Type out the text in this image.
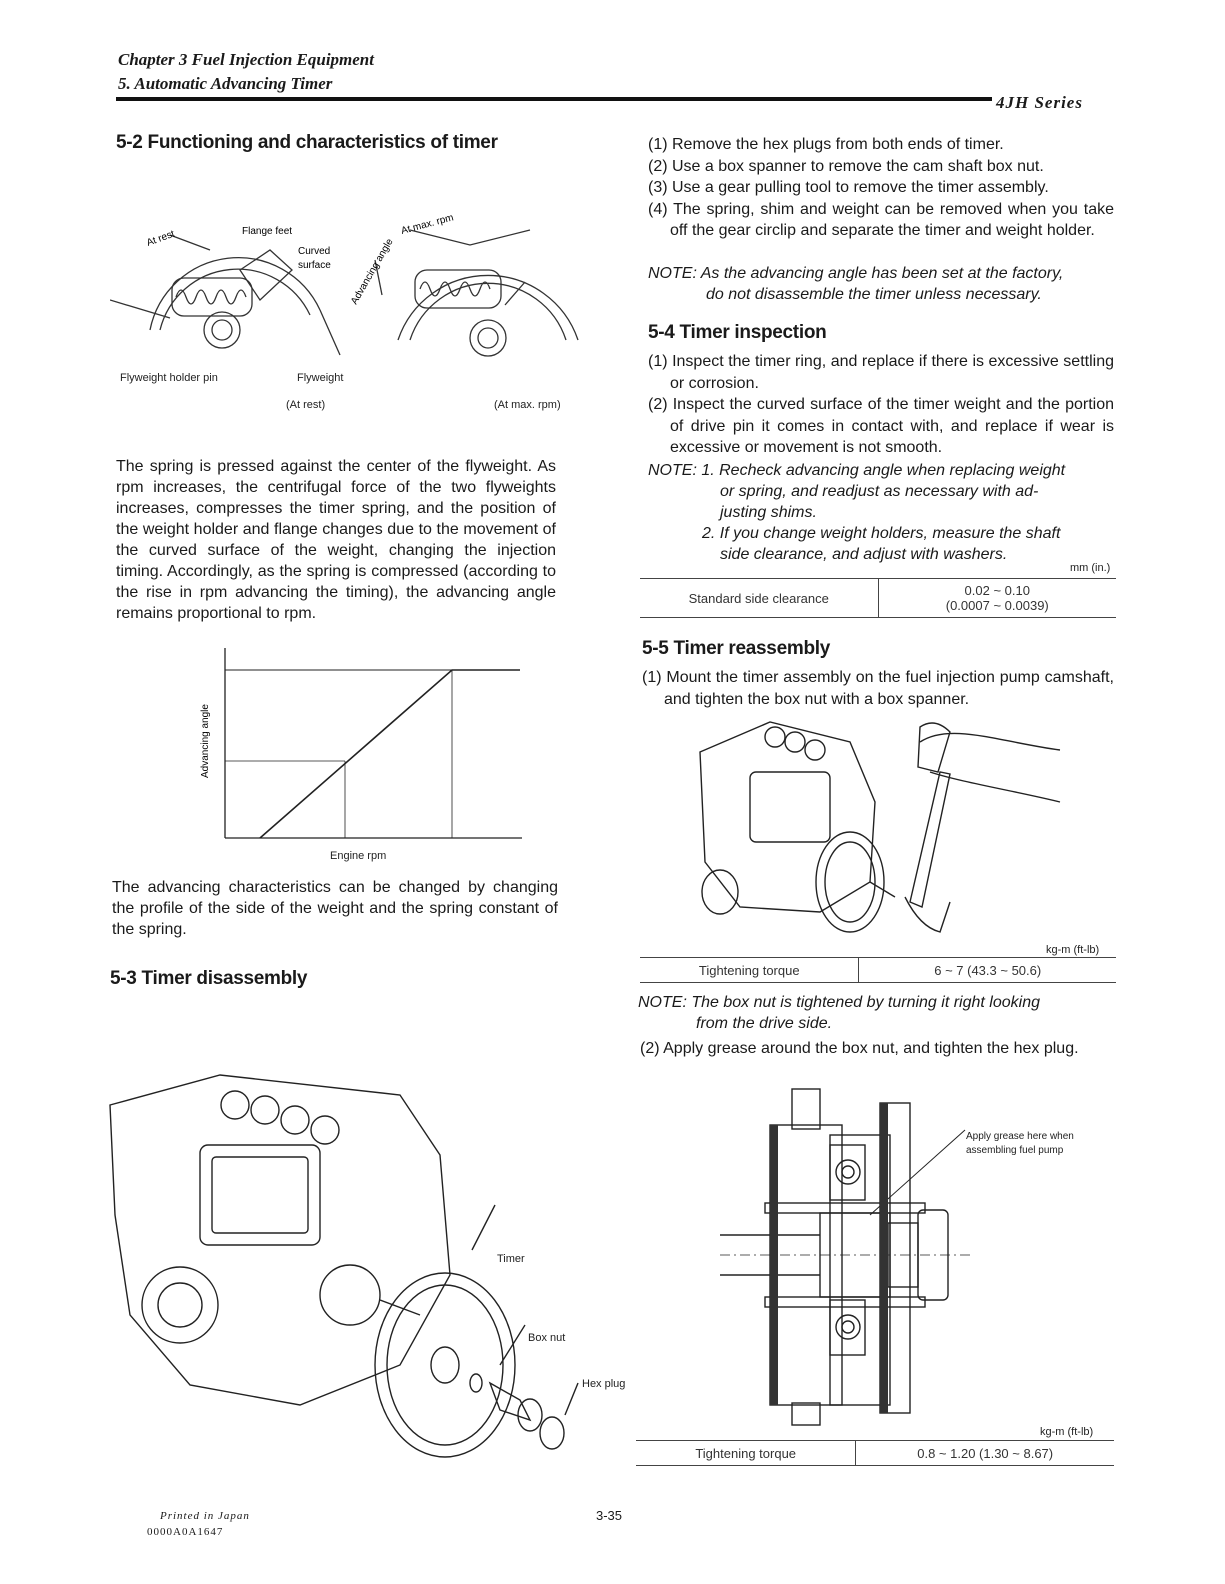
Chapter 3 Fuel Injection Equipment
5. Automatic Advancing Timer
4JH Series
5-2 Functioning and characteristics of timer
At rest	Flange feet
Curved
surface Advancing angle
At max. rpm
Flyweight holder pin	Flyweight
(At rest)	(At max. rpm)

The spring is pressed against the center of the flyweight. As rpm increases, the centrifugal force of the two flyweights increases, compresses the timer spring, and the position of the weight holder and flange changes due to the movement of the curved surface of the weight, changing the injection timing. Accordingly, as the spring is compressed (according to the rise in rpm advancing the timing), the advancing angle remains proportional to rpm.

Advancing angle
Engine rpm

The advancing characteristics can be changed by changing the profile of the side of the weight and the spring constant of the spring.

5-3 Timer disassembly
Timer
Box nut
Hex plug
(1) Remove the hex plugs from both ends of timer.
(2) Use a box spanner to remove the cam shaft box nut.
(3) Use a gear pulling tool to remove the timer assembly.
(4) The spring, shim and weight can be removed when you take off the gear circlip and separate the timer and weight holder.

NOTE: As the advancing angle has been set at the factory,
do not disassemble the timer unless necessary.

5-4 Timer inspection
(1) Inspect the timer ring, and replace if there is excessive settling or corrosion.
(2) Inspect the curved surface of the timer weight and the portion of drive pin it comes in contact with, and replace if wear is excessive or movement is not smooth.

NOTE: 1. Recheck advancing angle when replacing weight
or spring, and readjust as necessary with ad-
justing shims.
2. If you change weight holders, measure the shaft
side clearance, and adjust with washers.

mm (in.)
Standard side clearance	0.02 ~ 0.10
(0.0007 ~ 0.0039)
5-5 Timer reassembly
(1) Mount the timer assembly on the fuel injection pump camshaft, and tighten the box nut with a box spanner.
kg-m (ft-lb)
Tightening torque	6 ~ 7 (43.3 ~ 50.6)

NOTE: The box nut is tightened by turning it right looking
from the drive side.

(2) Apply grease around the box nut, and tighten the hex plug.
Apply grease here when
assembling fuel pump
kg-m (ft-lb)
Tightening torque	0.8 ~ 1.20 (1.30 ~ 8.67)
Printed in Japan
0000A0A1647
3-35
